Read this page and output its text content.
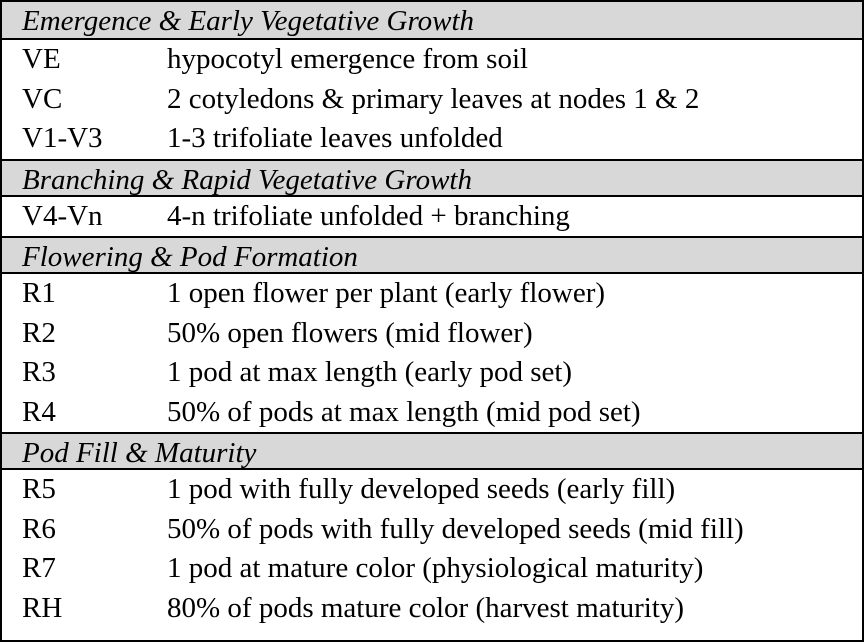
Emergence & Early Vegetative Growth
VE	hypocotyl emergence from soil
VC	2 cotyledons & primary leaves at nodes 1 & 2
V1-V3	1-3 trifoliate leaves unfolded
Branching & Rapid Vegetative Growth
V4-Vn	4-n trifoliate unfolded + branching
Flowering & Pod Formation
R1	1 open flower per plant (early flower)
R2	50% open flowers (mid flower)
R3	1 pod at max length (early pod set)
R4	50% of pods at max length (mid pod set)
Pod Fill & Maturity
R5	1 pod with fully developed seeds (early fill)
R6	50% of pods with fully developed seeds (mid fill)
R7	1 pod at mature color (physiological maturity)
RH	80% of pods mature color (harvest maturity)
